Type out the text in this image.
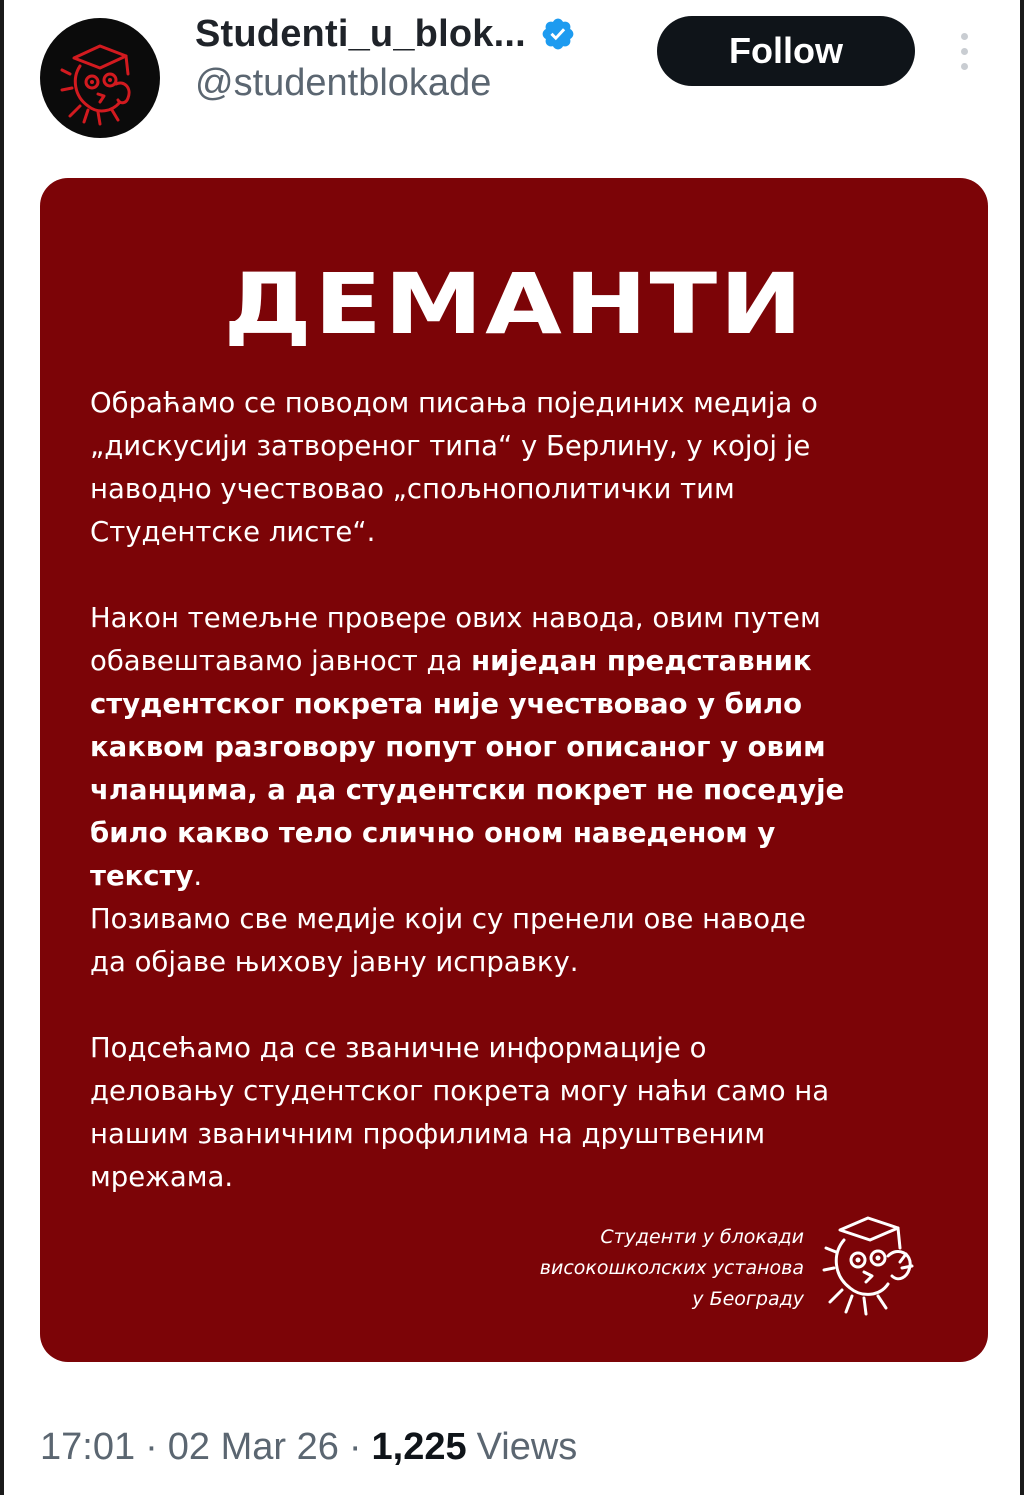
Studenti_u_blok...
@studentblokade
Follow
ДЕМАНТИ
Обраћамо се поводом писања појединих медија о
„дискусији затвореног типа“ у Берлину, у којој је
наводно учествовао „спољнополитички тим
Студентске листе“.
Након темељне провере ових навода, овим путем
обавештавамо јавност да ниједан представник
студентског покрета није учествовао у било
каквом разговору попут оног описаног у овим
чланцима, а да студентски покрет не поседује
било какво тело слично оном наведеном у
тексту.
Позивамо све медије који су пренели ове наводе
да објаве њихову јавну исправку.
Подсећамо да се званичне информације о
деловању студентског покрета могу наћи само на
нашим званичним профилима на друштвеним
мрежама.
Студенти у блокади
високошколских установа
у Београду
17:01 · 02 Mar 26 · 1,225 Views
